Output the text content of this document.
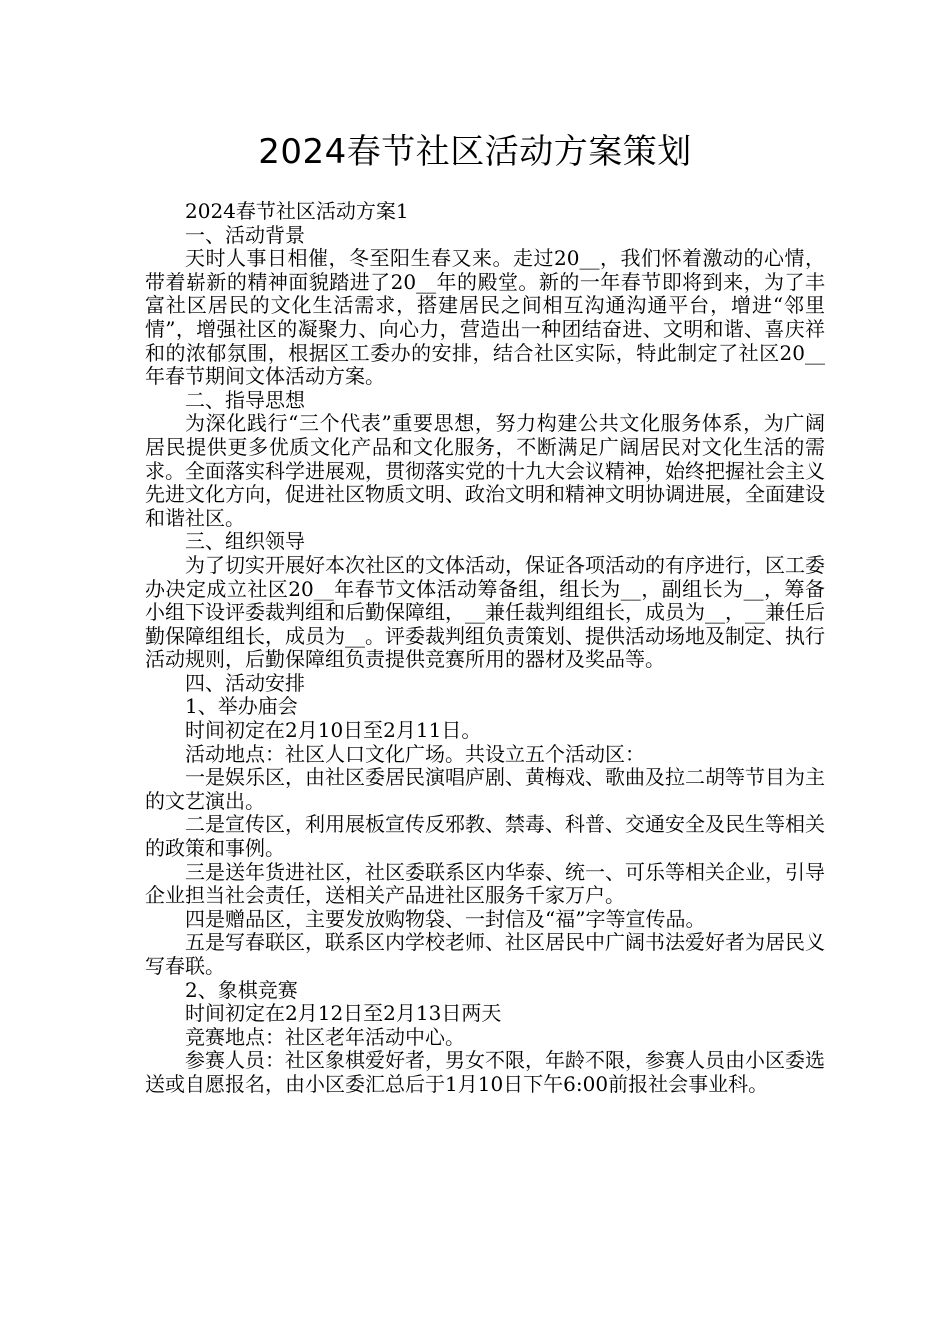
2024春节社区活动方案策划

2024春节社区活动方案1

一、活动背景

天时人事日相催，冬至阳生春又来。走过20__，我们怀着激动的心情，带着崭新的精神面貌踏进了20__年的殿堂。新的一年春节即将到来，为了丰富社区居民的文化生活需求，搭建居民之间相互沟通沟通平台，增进“邻里情”，增强社区的凝聚力、向心力，营造出一种团结奋进、文明和谐、喜庆祥和的浓郁氛围，根据区工委办的安排，结合社区实际，特此制定了社区20__年春节期间文体活动方案。

二、指导思想

为深化践行“三个代表”重要思想，努力构建公共文化服务体系，为广阔居民提供更多优质文化产品和文化服务，不断满足广阔居民对文化生活的需求。全面落实科学进展观，贯彻落实党的十九大会议精神，始终把握社会主义先进文化方向，促进社区物质文明、政治文明和精神文明协调进展，全面建设和谐社区。

三、组织领导

为了切实开展好本次社区的文体活动，保证各项活动的有序进行，区工委办决定成立社区20__年春节文体活动筹备组，组长为__，副组长为__，筹备小组下设评委裁判组和后勤保障组，__兼任裁判组组长，成员为__，__兼任后勤保障组组长，成员为__。评委裁判组负责策划、提供活动场地及制定、执行活动规则，后勤保障组负责提供竞赛所用的器材及奖品等。

四、活动安排

1、举办庙会

时间初定在2月10日至2月11日。

活动地点：社区人口文化广场。共设立五个活动区：

一是娱乐区，由社区委居民演唱庐剧、黄梅戏、歌曲及拉二胡等节目为主的文艺演出。

二是宣传区，利用展板宣传反邪教、禁毒、科普、交通安全及民生等相关的政策和事例。

三是送年货进社区，社区委联系区内华泰、统一、可乐等相关企业，引导企业担当社会责任，送相关产品进社区服务千家万户。

四是赠品区，主要发放购物袋、一封信及“福”字等宣传品。

五是写春联区，联系区内学校老师、社区居民中广阔书法爱好者为居民义写春联。

2、象棋竞赛

时间初定在2月12日至2月13日两天

竞赛地点：社区老年活动中心。

参赛人员：社区象棋爱好者，男女不限，年龄不限，参赛人员由小区委选送或自愿报名，由小区委汇总后于1月10日下午6:00前报社会事业科。
